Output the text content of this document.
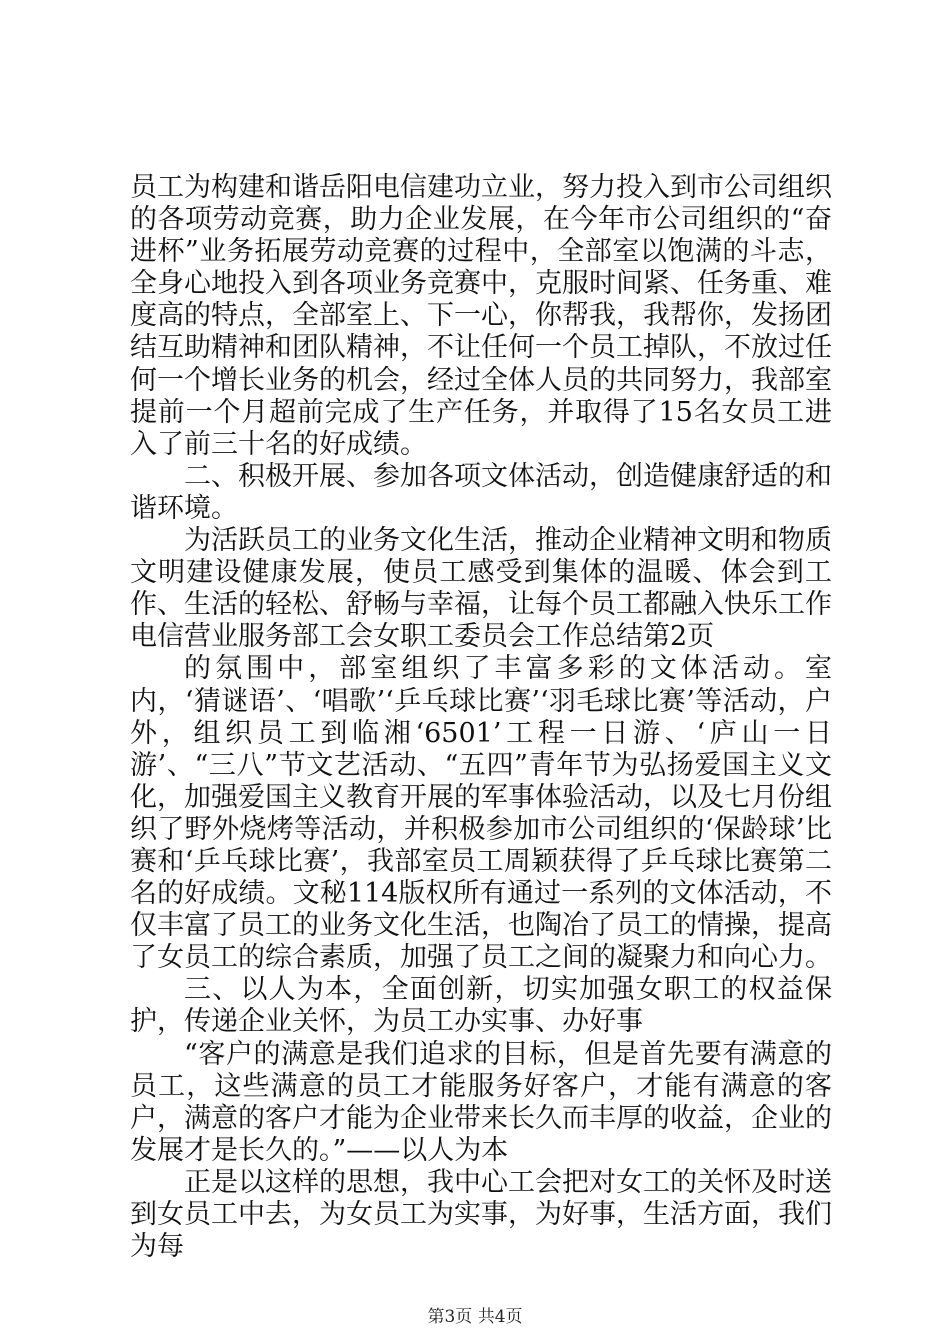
员工为构建和谐岳阳电信建功立业，努力投入到市公司组织的各项劳动竞赛，助力企业发展，在今年市公司组织的“奋进杯”业务拓展劳动竞赛的过程中，全部室以饱满的斗志，全身心地投入到各项业务竞赛中，克服时间紧、任务重、难度高的特点，全部室上、下一心，你帮我，我帮你，发扬团结互助精神和团队精神，不让任何一个员工掉队，不放过任何一个增长业务的机会，经过全体人员的共同努力，我部室提前一个月超前完成了生产任务，并取得了15名女员工进入了前三十名的好成绩。

二、积极开展、参加各项文体活动，创造健康舒适的和谐环境。

为活跃员工的业务文化生活，推动企业精神文明和物质文明建设健康发展，使员工感受到集体的温暖、体会到工作、生活的轻松、舒畅与幸福，让每个员工都融入快乐工作电信营业服务部工会女职工委员会工作总结第2页

的氛围中，部室组织了丰富多彩的文体活动。室内，‘猜谜语’、‘唱歌’‘乒乓球比赛’‘羽毛球比赛’等活动，户外，组织员工到临湘‘6501’工程一日游、‘庐山一日游’、“三八”节文艺活动、“五四”青年节为弘扬爱国主义文化，加强爱国主义教育开展的军事体验活动，以及七月份组织了野外烧烤等活动，并积极参加市公司组织的‘保龄球’比赛和‘乒乓球比赛’，我部室员工周颖获得了乒乓球比赛第二名的好成绩。文秘114版权所有通过一系列的文体活动，不仅丰富了员工的业务文化生活，也陶冶了员工的情操，提高了女员工的综合素质，加强了员工之间的凝聚力和向心力。

三、以人为本，全面创新，切实加强女职工的权益保护，传递企业关怀，为员工办实事、办好事

“客户的满意是我们追求的目标，但是首先要有满意的员工，这些满意的员工才能服务好客户，才能有满意的客户，满意的客户才能为企业带来长久而丰厚的收益，企业的发展才是长久的。”——以人为本

正是以这样的思想，我中心工会把对女工的关怀及时送到女员工中去，为女员工为实事，为好事，生活方面，我们为每

第3页 共4页
